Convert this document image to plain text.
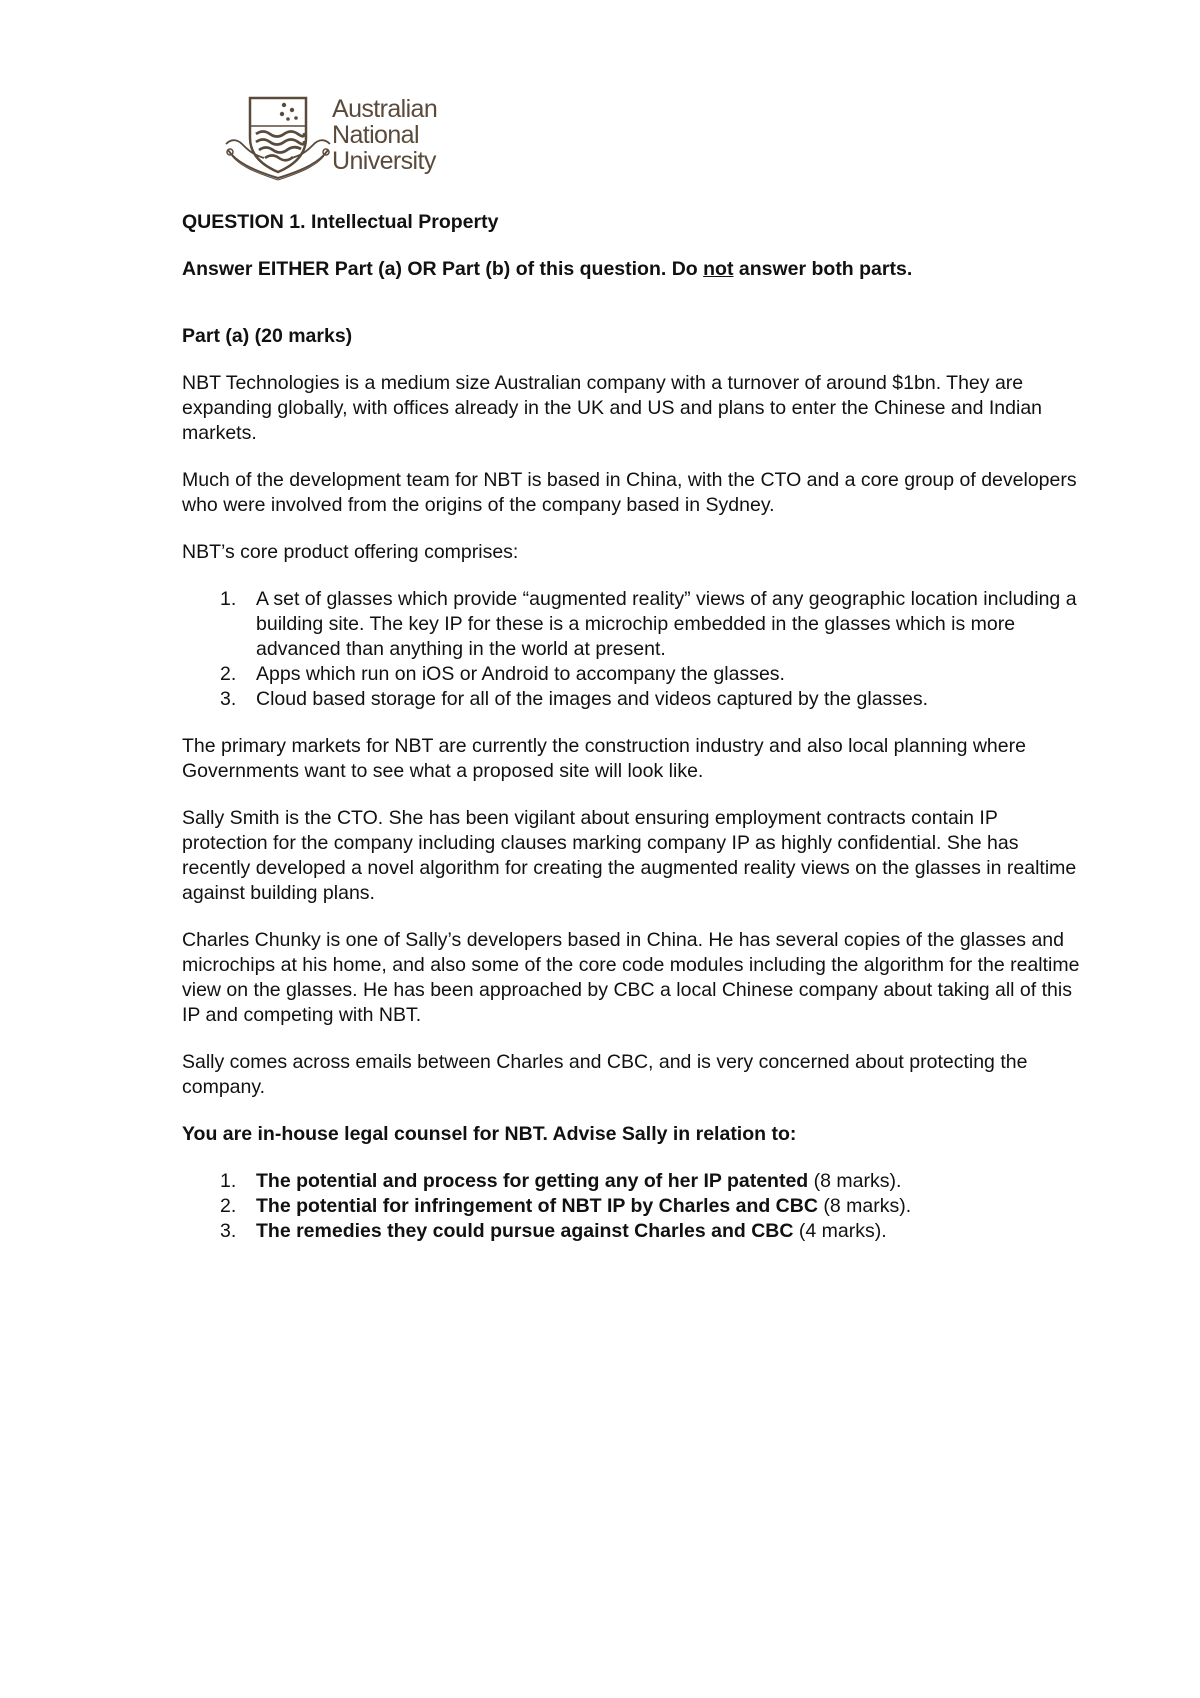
Australian
National
University

QUESTION 1. Intellectual Property

Answer EITHER Part (a) OR Part (b) of this question. Do not answer both parts.

Part (a) (20 marks)

NBT Technologies is a medium size Australian company with a turnover of around $1bn. They are expanding globally, with offices already in the UK and US and plans to enter the Chinese and Indian markets.

Much of the development team for NBT is based in China, with the CTO and a core group of developers who were involved from the origins of the company based in Sydney.

NBT’s core product offering comprises:

1. A set of glasses which provide “augmented reality” views of any geographic location including a building site. The key IP for these is a microchip embedded in the glasses which is more advanced than anything in the world at present.
2. Apps which run on iOS or Android to accompany the glasses.
3. Cloud based storage for all of the images and videos captured by the glasses.

The primary markets for NBT are currently the construction industry and also local planning where Governments want to see what a proposed site will look like.

Sally Smith is the CTO. She has been vigilant about ensuring employment contracts contain IP protection for the company including clauses marking company IP as highly confidential. She has recently developed a novel algorithm for creating the augmented reality views on the glasses in realtime against building plans.

Charles Chunky is one of Sally’s developers based in China. He has several copies of the glasses and microchips at his home, and also some of the core code modules including the algorithm for the realtime view on the glasses. He has been approached by CBC a local Chinese company about taking all of this IP and competing with NBT.

Sally comes across emails between Charles and CBC, and is very concerned about protecting the company.

You are in-house legal counsel for NBT. Advise Sally in relation to:

1. The potential and process for getting any of her IP patented (8 marks).
2. The potential for infringement of NBT IP by Charles and CBC (8 marks).
3. The remedies they could pursue against Charles and CBC (4 marks).
